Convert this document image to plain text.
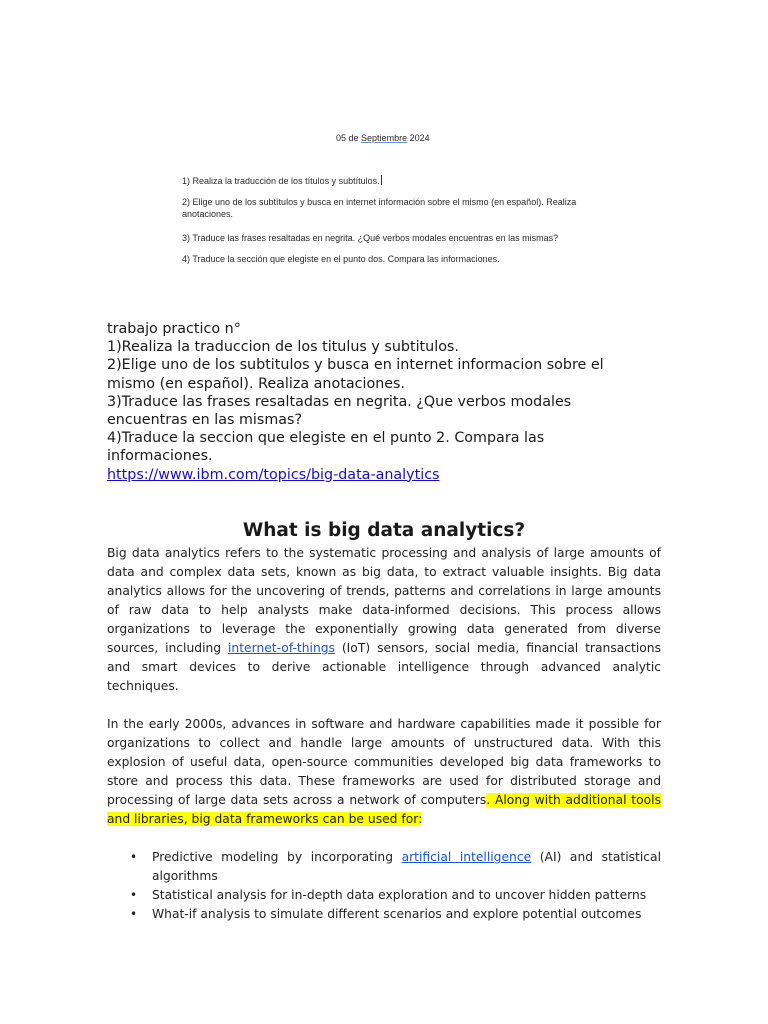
05 de Septiembre 2024
1) Realiza la traducción de los títulos y subtítulos.
2) Elige uno de los subtítulos y busca en internet información sobre el mismo (en español). Realiza anotaciones.
3) Traduce las frases resaltadas en negrita. ¿Qué verbos modales encuentras en las mismas?
4) Traduce la sección que elegiste en el punto dos. Compara las informaciones.

trabajo practico n°

1)Realiza la traduccion de los titulus y subtitulos.

2)Elige uno de los subtitulos y busca en internet informacion sobre el mismo (en español). Realiza anotaciones.

3)Traduce las frases resaltadas en negrita. ¿Que verbos modales encuentras en las mismas?

4)Traduce la seccion que elegiste en el punto 2. Compara las informaciones.

https://www.ibm.com/topics/big-data-analytics

What is big data analytics?

Big data analytics refers to the systematic processing and analysis of large amounts of data and complex data sets, known as big data, to extract valuable insights. Big data analytics allows for the uncovering of trends, patterns and correlations in large amounts of raw data to help analysts make data-informed decisions. This process allows organizations to leverage the exponentially growing data generated from diverse sources, including internet-of-things (IoT) sensors, social media, financial transactions and smart devices to derive actionable intelligence through advanced analytic techniques.

In the early 2000s, advances in software and hardware capabilities made it possible for organizations to collect and handle large amounts of unstructured data. With this explosion of useful data, open-source communities developed big data frameworks to store and process this data. These frameworks are used for distributed storage and processing of large data sets across a network of computers. Along with additional tools and libraries, big data frameworks can be used for:

• Predictive modeling by incorporating artificial intelligence (AI) and statistical algorithms
• Statistical analysis for in-depth data exploration and to uncover hidden patterns
• What-if analysis to simulate different scenarios and explore potential outcomes
